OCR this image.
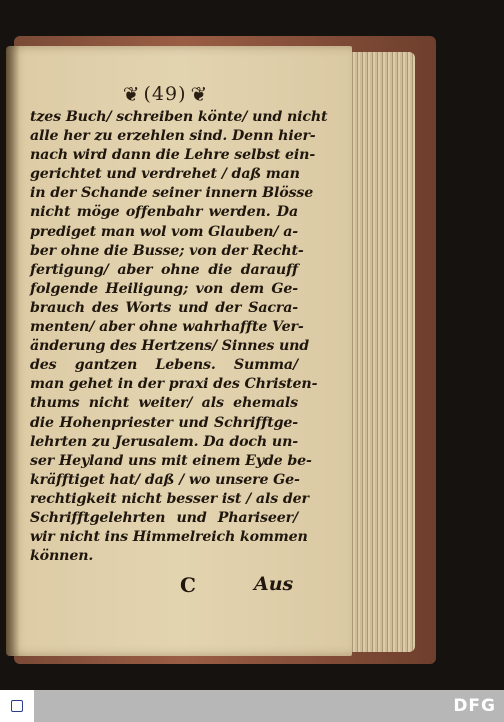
❦ (49) ❦
tzes Buch/ schreiben könte/ und nicht
alle her zu erzehlen sind. Denn hier-
nach wird dann die Lehre selbst ein-
gerichtet und verdrehet / daß man
in der Schande seiner innern Blösse
nicht möge offenbahr werden. Da
prediget man wol vom Glauben/ a-
ber ohne die Busse; von der Recht-
fertigung/ aber ohne die darauff
folgende Heiligung; von dem Ge-
brauch des Worts und der Sacra-
menten/ aber ohne wahrhaffte Ver-
änderung des Hertzens/ Sinnes und
des gantzen Lebens. Summa/
man gehet in der praxi des Christen-
thums nicht weiter/ als ehemals
die Hohenpriester und Schrifftge-
lehrten zu Jerusalem. Da doch un-
ser Heyland uns mit einem Eyde be-
kräfftiget hat/ daß / wo unsere Ge-
rechtigkeit nicht besser ist / als der
Schrifftgelehrten und Phariseer/
wir nicht ins Himmelreich kommen
können.
C	Aus
DFG
